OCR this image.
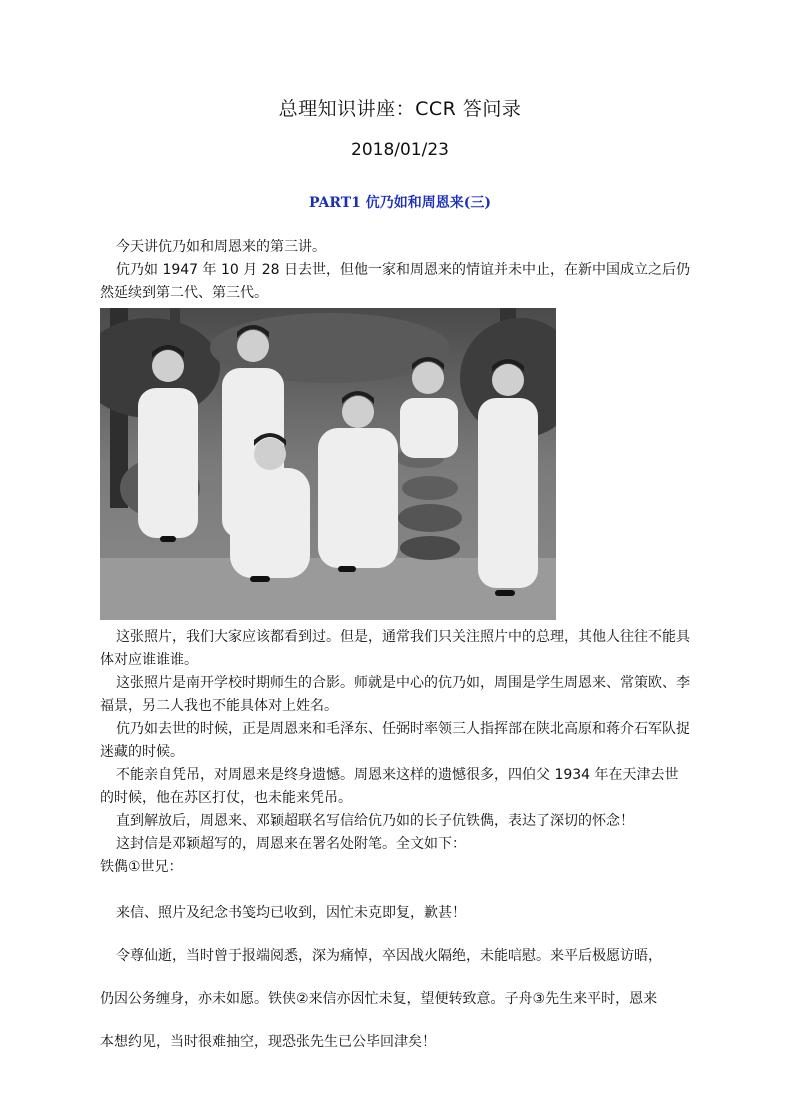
总理知识讲座：CCR 答问录
2018/01/23
PART1 伉乃如和周恩来(三)

今天讲伉乃如和周恩来的第三讲。

伉乃如 1947 年 10 月 28 日去世，但他一家和周恩来的情谊并未中止，在新中国成立之后仍然延续到第二代、第三代。

这张照片，我们大家应该都看到过。但是，通常我们只关注照片中的总理，其他人往往不能具体对应谁谁谁。

这张照片是南开学校时期师生的合影。师就是中心的伉乃如，周围是学生周恩来、常策欧、李福景，另二人我也不能具体对上姓名。

伉乃如去世的时候，正是周恩来和毛泽东、任弼时率领三人指挥部在陕北高原和蒋介石军队捉迷藏的时候。

不能亲自凭吊，对周恩来是终身遗憾。周恩来这样的遗憾很多，四伯父 1934 年在天津去世的时候，他在苏区打仗，也未能来凭吊。

直到解放后，周恩来、邓颖超联名写信给伉乃如的长子伉铁儁，表达了深切的怀念！

这封信是邓颖超写的，周恩来在署名处附笔。全文如下：

铁儁①世兄：

来信、照片及纪念书笺均已收到，因忙未克即复，歉甚！

令尊仙逝，当时曾于报端阅悉，深为痛悼，卒因战火隔绝，未能唁慰。来平后极愿访晤，

仍因公务缠身，亦未如愿。铁侠②来信亦因忙未复，望便转致意。子舟③先生来平时，恩来

本想约见，当时很难抽空，现恐张先生已公毕回津矣！
